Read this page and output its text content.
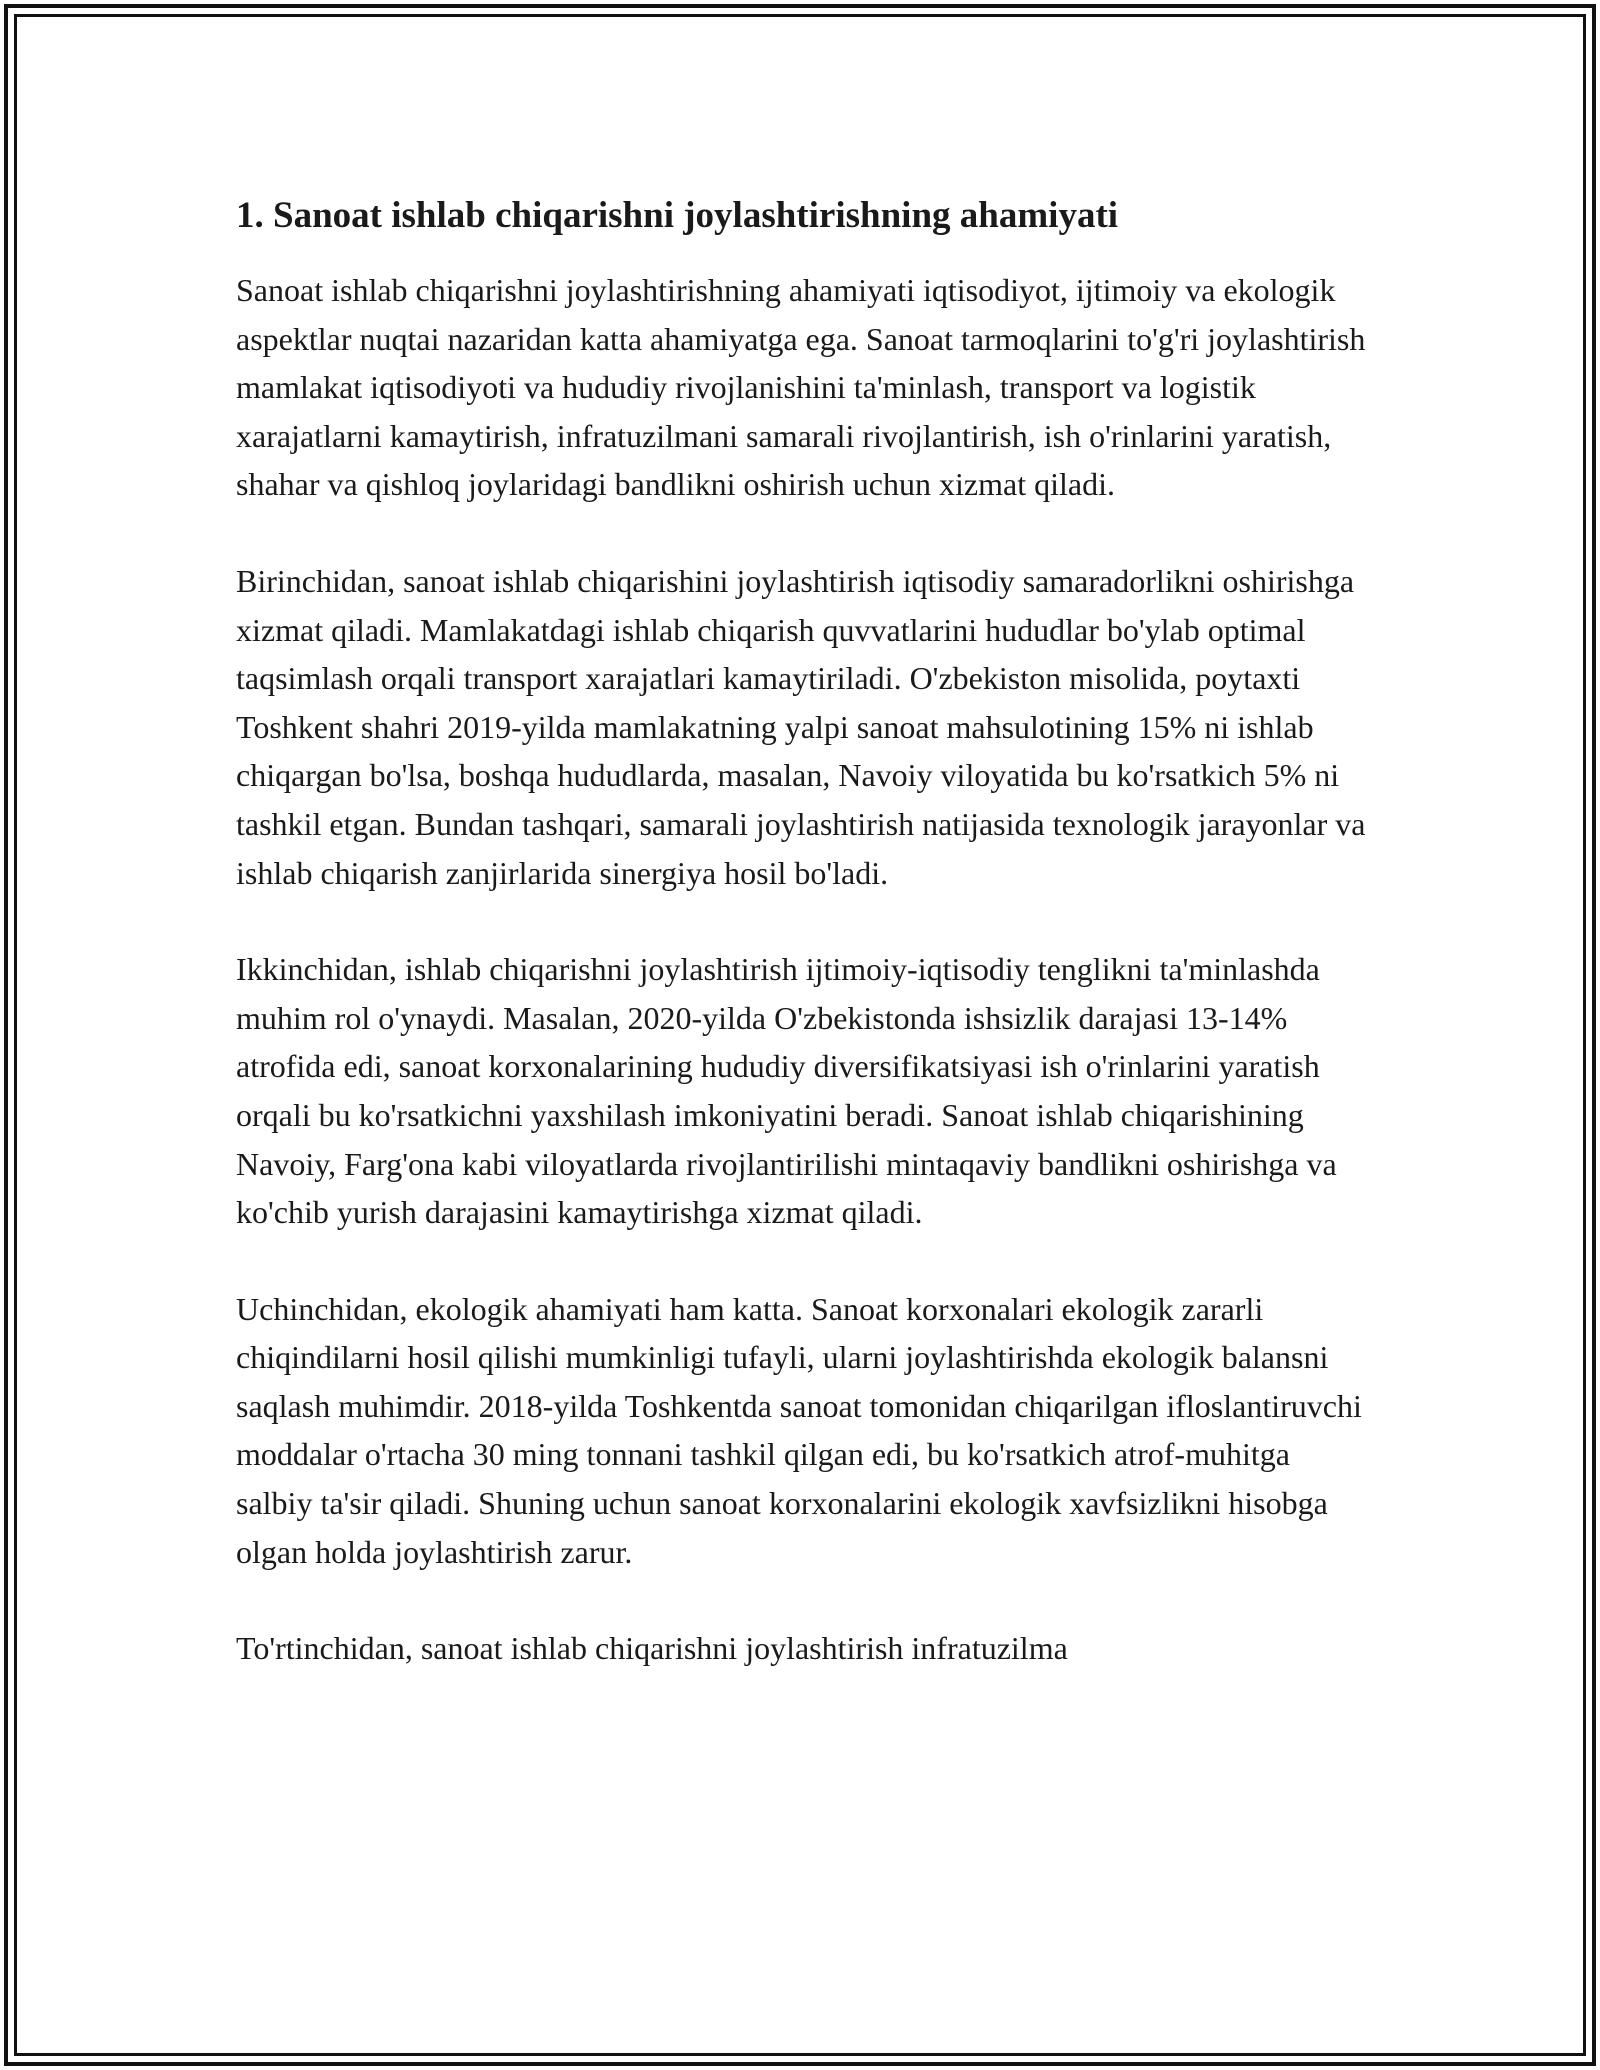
1. Sanoat ishlab chiqarishni joylashtirishning ahamiyati

Sanoat ishlab chiqarishni joylashtirishning ahamiyati iqtisodiyot, ijtimoiy va ekologik aspektlar nuqtai nazaridan katta ahamiyatga ega. Sanoat tarmoqlarini to'g'ri joylashtirish mamlakat iqtisodiyoti va hududiy rivojlanishini ta'minlash, transport va logistik xarajatlarni kamaytirish, infratuzilmani samarali rivojlantirish, ish o'rinlarini yaratish, shahar va qishloq joylaridagi bandlikni oshirish uchun xizmat qiladi.

Birinchidan, sanoat ishlab chiqarishini joylashtirish iqtisodiy samaradorlikni oshirishga xizmat qiladi. Mamlakatdagi ishlab chiqarish quvvatlarini hududlar bo'ylab optimal taqsimlash orqali transport xarajatlari kamaytiriladi. O'zbekiston misolida, poytaxti Toshkent shahri 2019-yilda mamlakatning yalpi sanoat mahsulotining 15% ni ishlab chiqargan bo'lsa, boshqa hududlarda, masalan, Navoiy viloyatida bu ko'rsatkich 5% ni tashkil etgan. Bundan tashqari, samarali joylashtirish natijasida texnologik jarayonlar va ishlab chiqarish zanjirlarida sinergiya hosil bo'ladi.

Ikkinchidan, ishlab chiqarishni joylashtirish ijtimoiy-iqtisodiy tenglikni ta'minlashda muhim rol o'ynaydi. Masalan, 2020-yilda O'zbekistonda ishsizlik darajasi 13-14% atrofida edi, sanoat korxonalarining hududiy diversifikatsiyasi ish o'rinlarini yaratish orqali bu ko'rsatkichni yaxshilash imkoniyatini beradi. Sanoat ishlab chiqarishining Navoiy, Farg'ona kabi viloyatlarda rivojlantirilishi mintaqaviy bandlikni oshirishga va ko'chib yurish darajasini kamaytirishga xizmat qiladi.

Uchinchidan, ekologik ahamiyati ham katta. Sanoat korxonalari ekologik zararli chiqindilarni hosil qilishi mumkinligi tufayli, ularni joylashtirishda ekologik balansni saqlash muhimdir. 2018-yilda Toshkentda sanoat tomonidan chiqarilgan ifloslantiruvchi moddalar o'rtacha 30 ming tonnani tashkil qilgan edi, bu ko'rsatkich atrof-muhitga salbiy ta'sir qiladi. Shuning uchun sanoat korxonalarini ekologik xavfsizlikni hisobga olgan holda joylashtirish zarur.

To'rtinchidan, sanoat ishlab chiqarishni joylashtirish infratuzilma
